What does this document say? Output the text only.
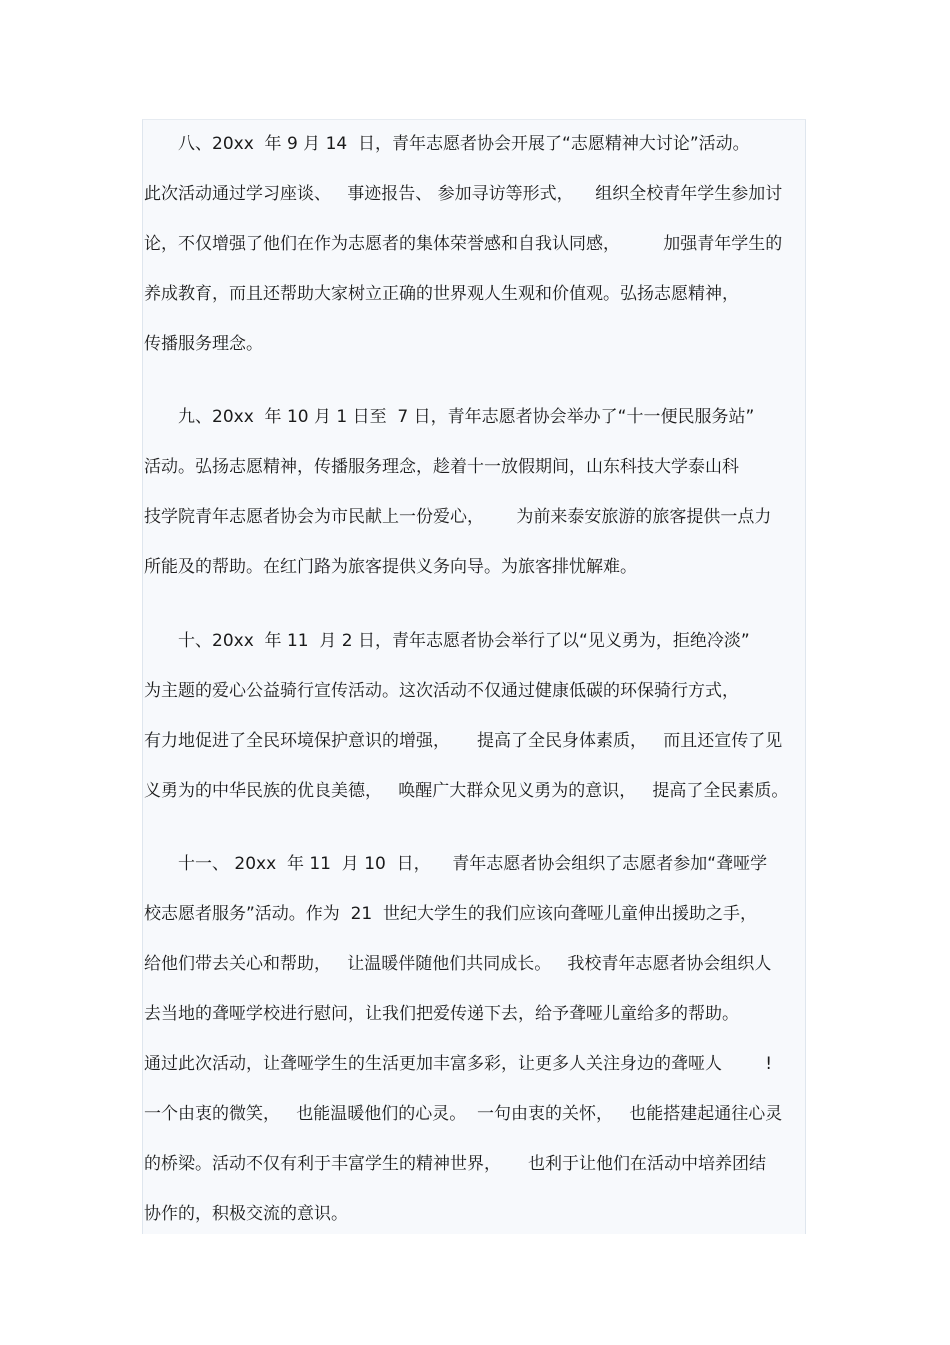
　　八、20xx  年 9 月 14  日，青年志愿者协会开展了“志愿精神大讨论”活动。
此次活动通过学习座谈、   事迹报告、 参加寻访等形式，    组织全校青年学生参加讨
论，不仅增强了他们在作为志愿者的集体荣誉感和自我认同感，        加强青年学生的
养成教育，而且还帮助大家树立正确的世界观人生观和价值观。弘扬志愿精神，
传播服务理念。
　　九、20xx  年 10 月 1 日至  7 日，青年志愿者协会举办了“十一便民服务站”
活动。弘扬志愿精神，传播服务理念，趁着十一放假期间，山东科技大学泰山科
技学院青年志愿者协会为市民献上一份爱心，      为前来泰安旅游的旅客提供一点力
所能及的帮助。在红门路为旅客提供义务向导。为旅客排忧解难。
　　十、20xx  年 11  月 2 日，青年志愿者协会举行了以“见义勇为，拒绝冷淡”
为主题的爱心公益骑行宣传活动。这次活动不仅通过健康低碳的环保骑行方式，
有力地促进了全民环境保护意识的增强，     提高了全民身体素质，   而且还宣传了见
义勇为的中华民族的优良美德，   唤醒广大群众见义勇为的意识，   提高了全民素质。
　　十一、 20xx  年 11  月 10  日，    青年志愿者协会组织了志愿者参加“聋哑学
校志愿者服务”活动。作为  21  世纪大学生的我们应该向聋哑儿童伸出援助之手，
给他们带去关心和帮助，   让温暖伴随他们共同成长。   我校青年志愿者协会组织人
去当地的聋哑学校进行慰问，让我们把爱传递下去，给予聋哑儿童给多的帮助。
通过此次活动，让聋哑学生的生活更加丰富多彩，让更多人关注身边的聋哑人        !
一个由衷的微笑，   也能温暖他们的心灵。  一句由衷的关怀，   也能搭建起通往心灵
的桥梁。活动不仅有利于丰富学生的精神世界，     也利于让他们在活动中培养团结
协作的，积极交流的意识。
